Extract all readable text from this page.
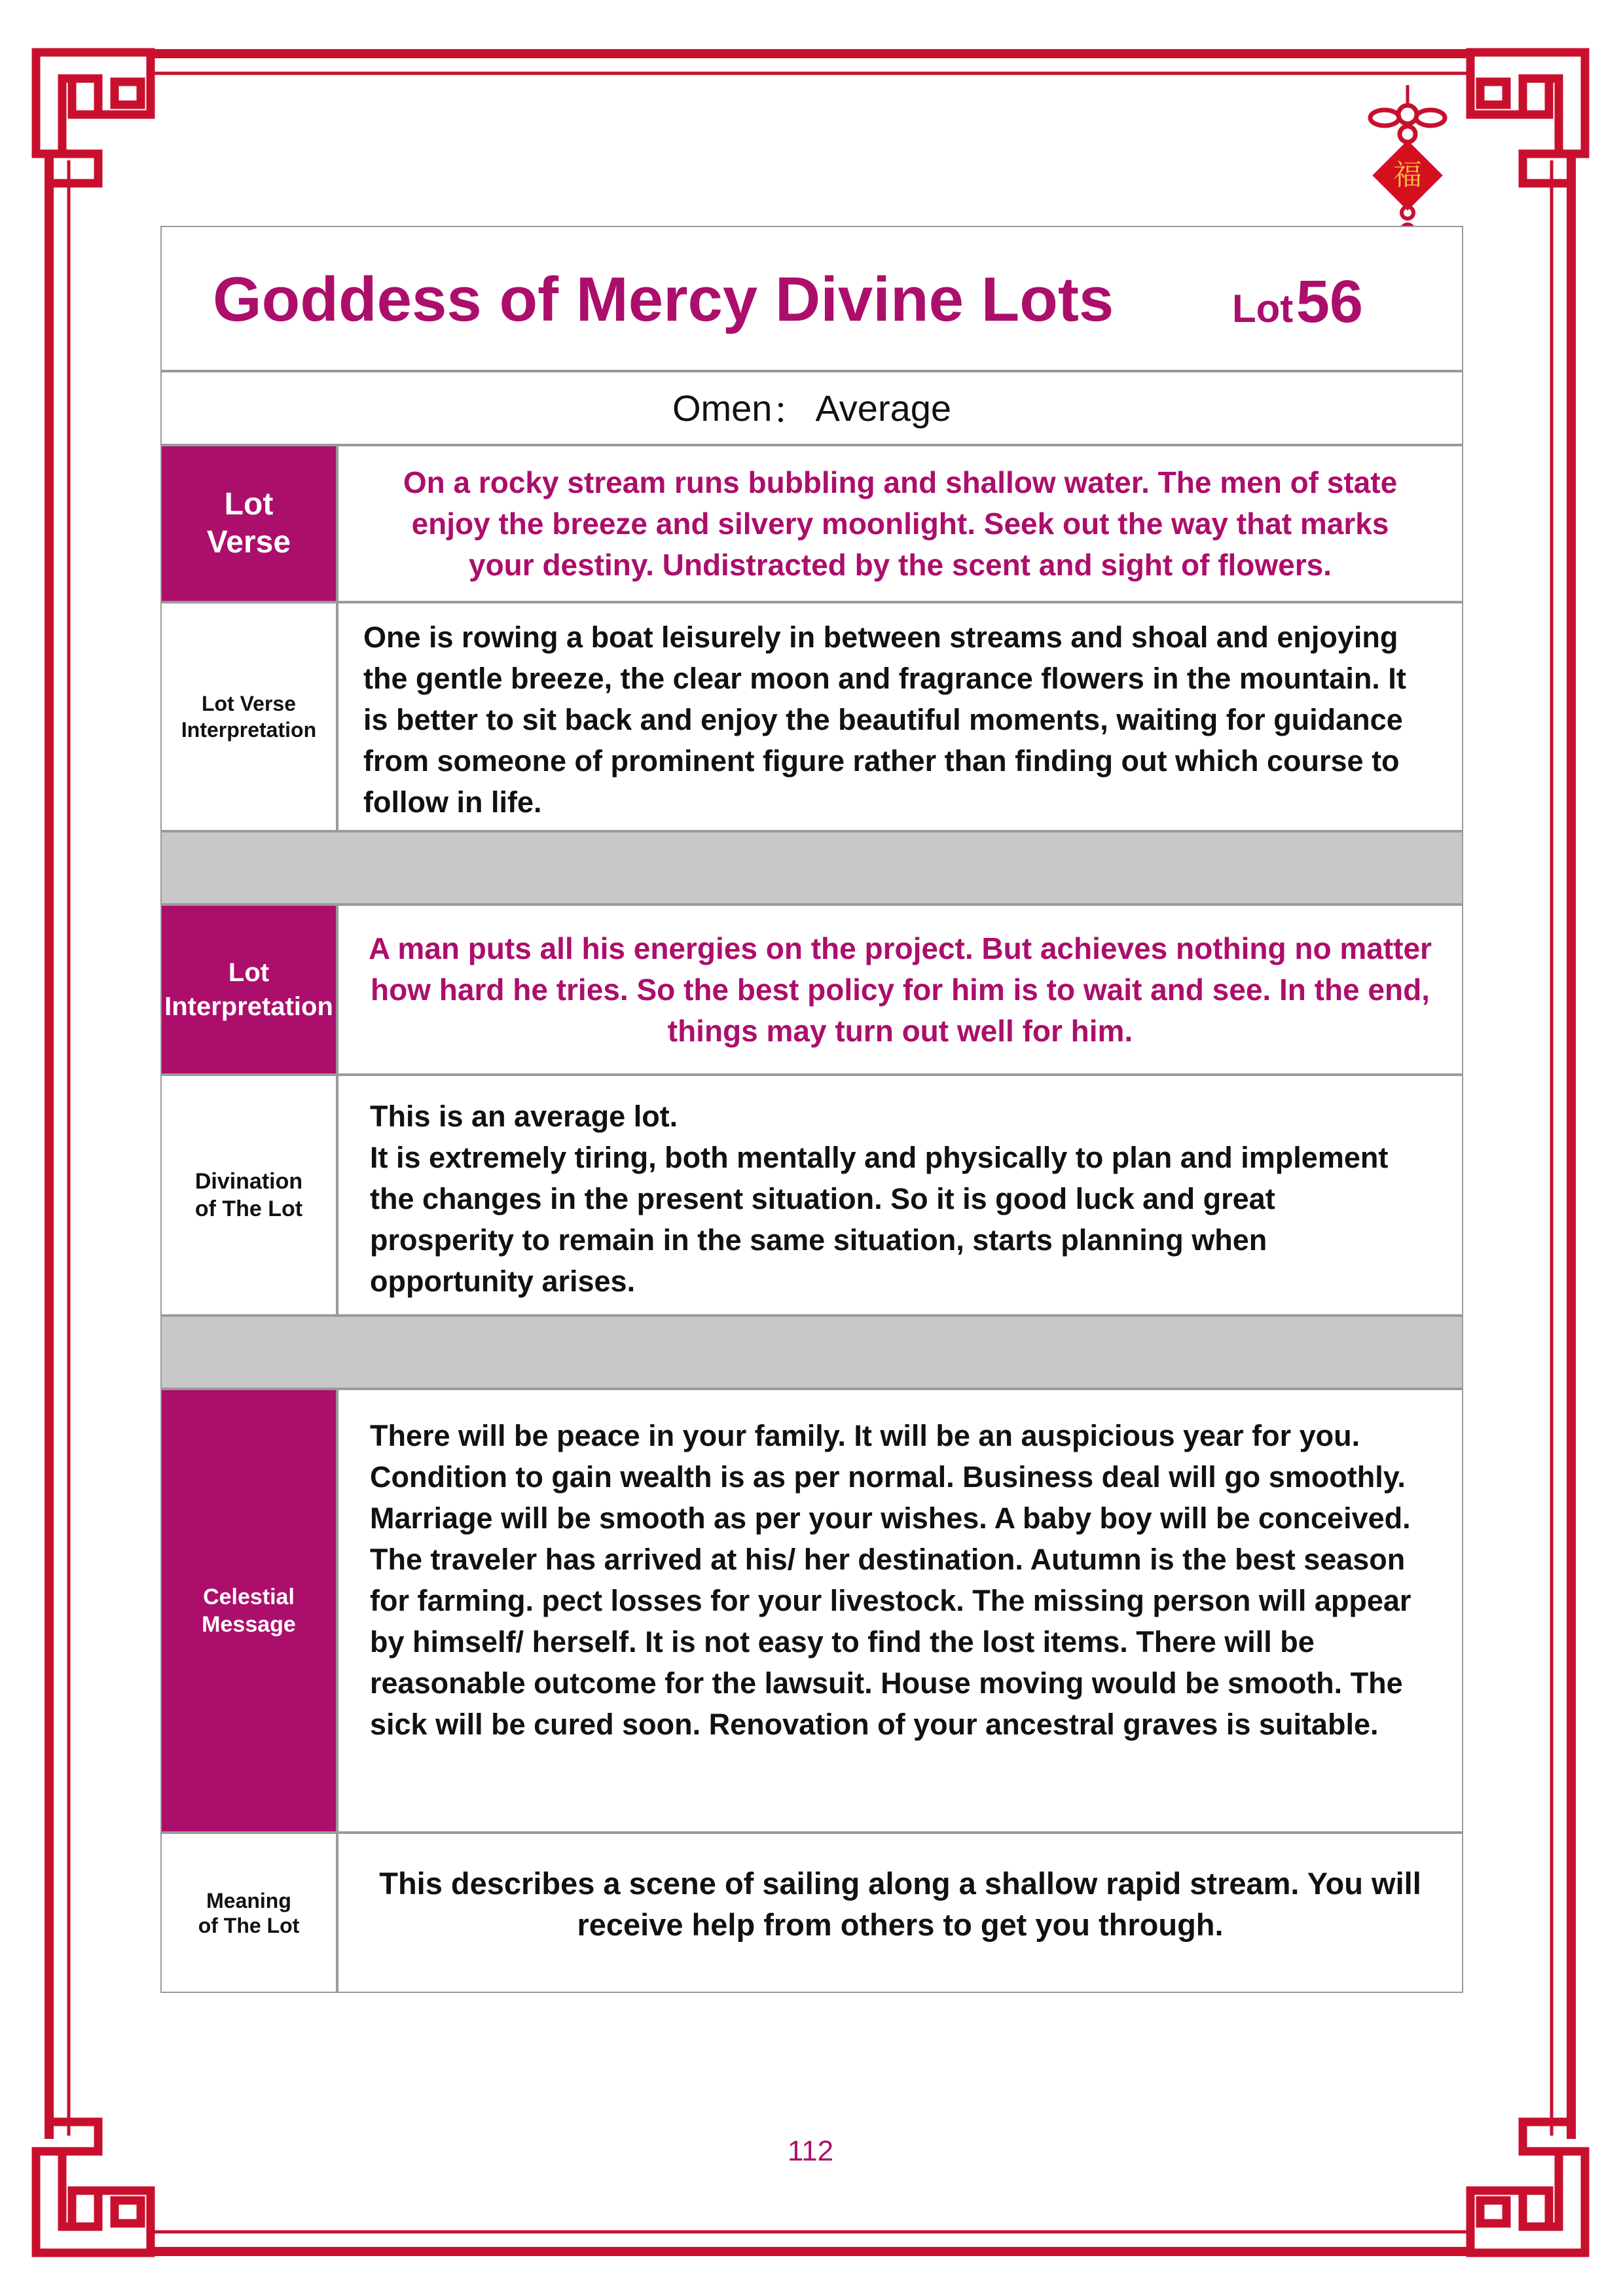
福
Goddess of Mercy Divine Lots	Lot 56
Omen ： Average
Lot
Verse
On a rocky stream runs bubbling and shallow water. The men of state enjoy the breeze and silvery moonlight. Seek out the way that marks your destiny. Undistracted by the scent and sight of flowers.
Lot Verse
Interpretation
One is rowing a boat leisurely in between streams and shoal and enjoying the gentle breeze, the clear moon and fragrance flowers in the mountain. It is better to sit back and enjoy the beautiful moments, waiting for guidance from someone of prominent figure rather than finding out which course to follow in life.
Lot
Interpretation
A man puts all his energies on the project. But achieves nothing no matter how hard he tries. So the best policy for him is to wait and see. In the end, things may turn out well for him.
Divination
of The Lot
This is an average lot.
It is extremely tiring, both mentally and physically to plan and implement the changes in the present situation. So it is good luck and great prosperity to remain in the same situation, starts planning when opportunity arises.
Celestial
Message
There will be peace in your family. It will be an auspicious year for you. Condition to gain wealth is as per normal. Business deal will go smoothly. Marriage will be smooth as per your wishes. A baby boy will be conceived. The traveler has arrived at his/ her destination. Autumn is the best season for farming. pect losses for your livestock. The missing person will appear by himself/ herself. It is not easy to find the lost items. There will be reasonable outcome for the lawsuit. House moving would be smooth. The sick will be cured soon. Renovation of your ancestral graves is suitable.
Meaning
of The Lot
This describes a scene of sailing along a shallow rapid stream. You will receive help from others to get you through.
112
